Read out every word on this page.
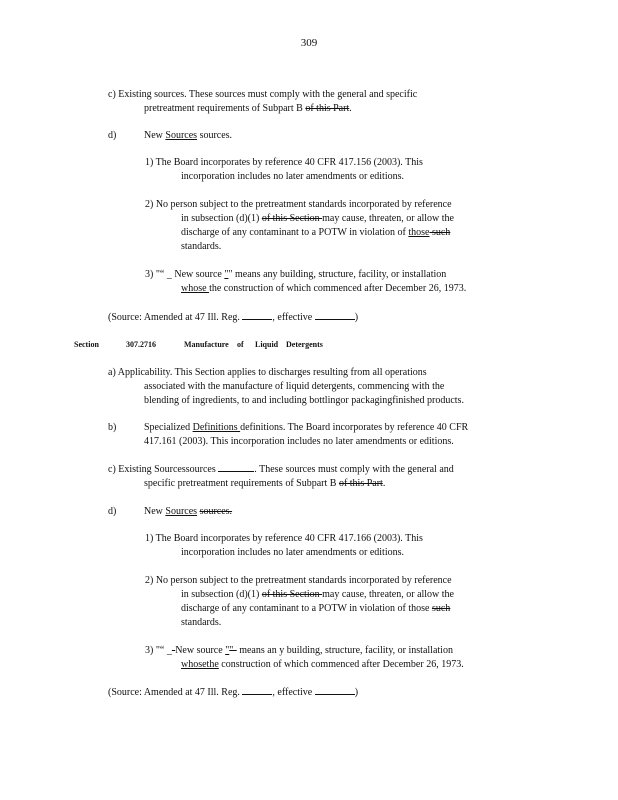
309
c) Existing sources. These sources must comply with the general and specific
pretreatment requirements of Subpart B of this Part.
d)	New Sources sources.
1) The Board incorporates by reference 40 CFR 417.156 (2003). This
incorporation includes no later amendments or editions.
2) No person subject to the pretreatment standards incorporated by reference
in subsection (d)(1) of this Section may cause, threaten, or allow the
discharge of any contaminant to a POTW in violation of those such
standards.
3) "“ _ New source "" means any building, structure, facility, or installation
whose the construction of which commenced after December 26, 1973.
(Source: Amended at 47 Ill. Reg.	, effective	)
Section	307.2716	Manufacture of Liquid Detergents
a) Applicability. This Section applies to discharges resulting from all operations
associated with the manufacture of liquid detergents, commencing with the
blending of ingredients, to and including bottlingor packagingfinished products.
b)	Specialized Definitions definitions. The Board incorporates by reference 40 CFR
417.161 (2003). This incorporation includes no later amendments or editions.
c) Existing Sourcessources	. These sources must comply with the general and
specific pretreatment requirements of Subpart B of this Part.
d)	New Sources sources.
1) The Board incorporates by reference 40 CFR 417.166 (2003). This
incorporation includes no later amendments or editions.
2) No person subject to the pretreatment standards incorporated by reference
in subsection (d)(1) of this Section may cause, threaten, or allow the
discharge of any contaminant to a POTW in violation of those such
standards.
3) "“ _-New source ""- means an y building, structure, facility, or installation
whosethe construction of which commenced after December 26, 1973.
(Source: Amended at 47 Ill. Reg.	, effective	)
